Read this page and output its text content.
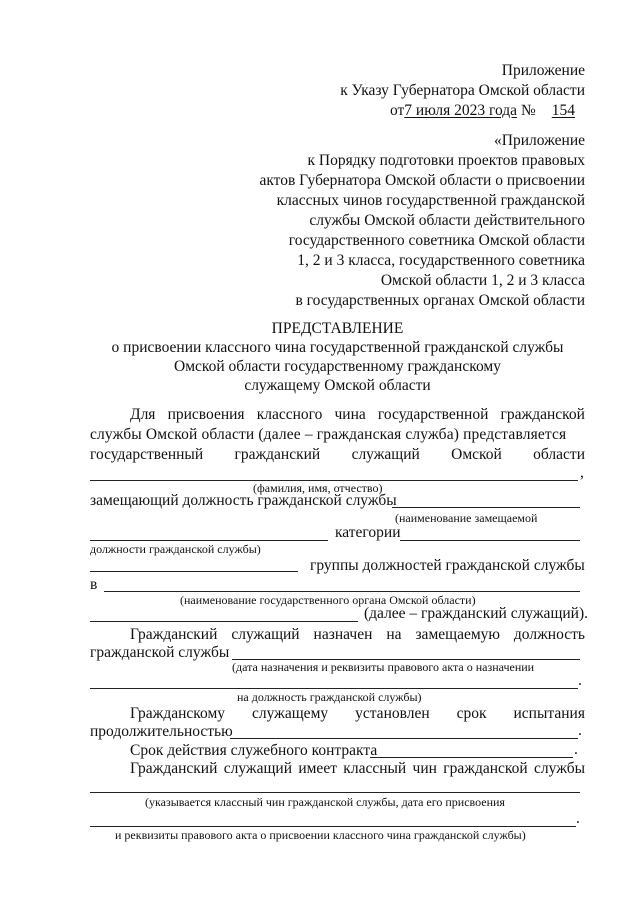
Приложение
к Указу Губернатора Омской области
от7 июля 2023 года № 154
«Приложение
к Порядку подготовки проектов правовых
актов Губернатора Омской области о присвоении
классных чинов государственной гражданской
службы Омской области действительного
государственного советника Омской области
1, 2 и 3 класса, государственного советника
Омской области 1, 2 и 3 класса
в государственных органах Омской области
ПРЕДСТАВЛЕНИЕ
о присвоении классного чина государственной гражданской службы
Омской области государственному гражданскому
служащему Омской области
Для присвоения классного чина государственной гражданской
службы Омской области (далее – гражданская служба) представляется
государственный гражданский служащий Омской области
,
(фамилия, имя, отчество)
замещающий должность гражданской службы
(наименование замещаемой
категории
должности гражданской службы)
группы должностей гражданской службы
в
(наименование государственного органа Омской области)
(далее – гражданский служащий).
Гражданский служащий назначен на замещаемую должность
гражданской службы
(дата назначения и реквизиты правового акта о назначении
.
на должность гражданской службы)
Гражданскому служащему установлен срок испытания
продолжительностью	.
Срок действия служебного контракта	.
Гражданский служащий имеет классный чин гражданской службы
(указывается классный чин гражданской службы, дата его присвоения
.
и реквизиты правового акта о присвоении классного чина гражданской службы)
